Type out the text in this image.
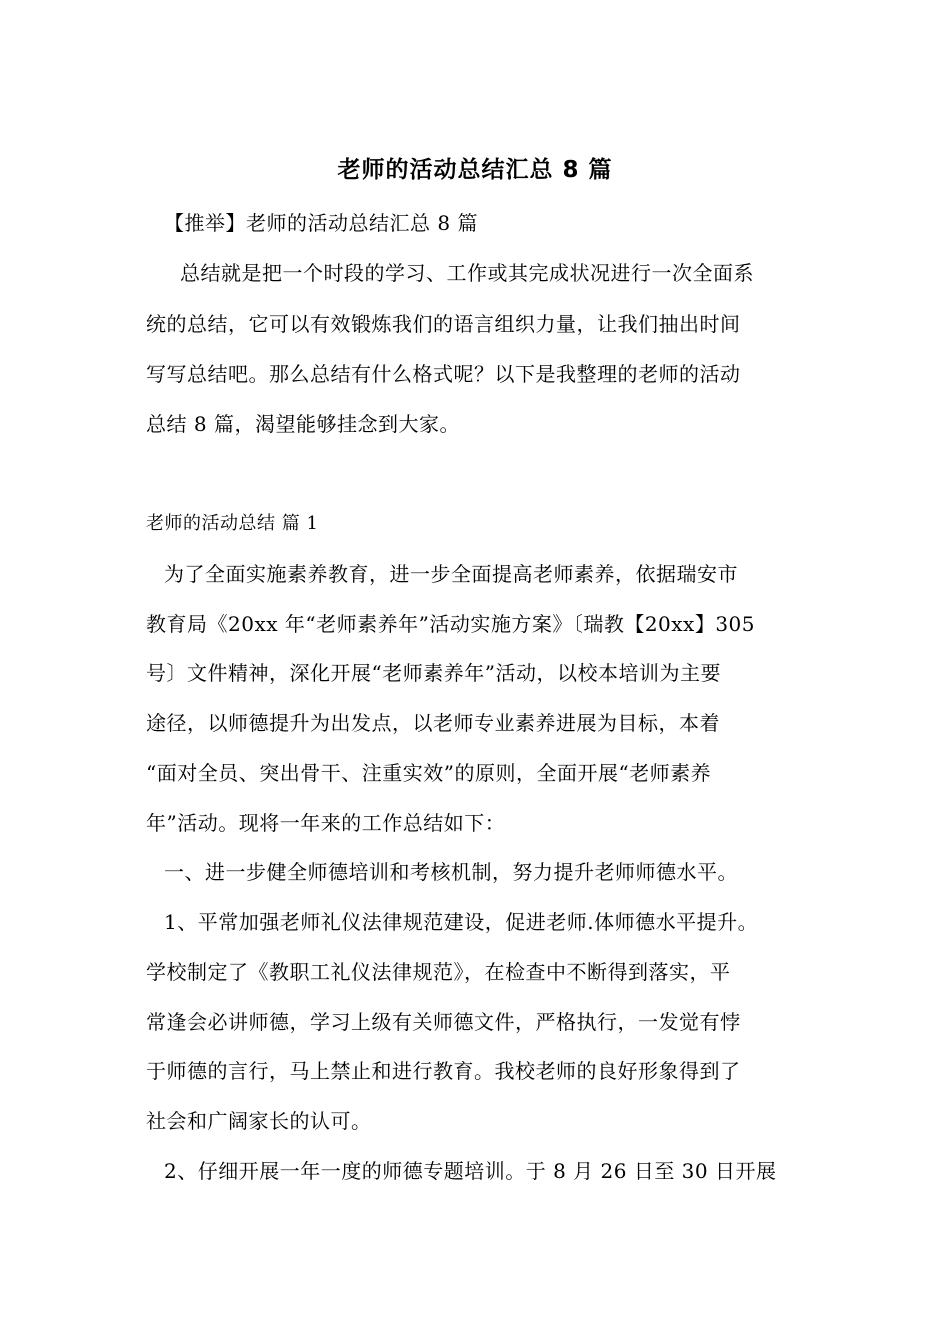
老师的活动总结汇总 8 篇
【推举】老师的活动总结汇总 8 篇
总结就是把一个时段的学习、工作或其完成状况进行一次全面系
统的总结，它可以有效锻炼我们的语言组织力量，让我们抽出时间
写写总结吧。那么总结有什么格式呢？以下是我整理的老师的活动
总结 8 篇，渴望能够挂念到大家。
老师的活动总结 篇 1
为了全面实施素养教育，进一步全面提高老师素养，依据瑞安市
教育局《20xx 年“老师素养年”活动实施方案》〔瑞教【20xx】305
号〕文件精神，深化开展“老师素养年”活动，以校本培训为主要
途径，以师德提升为出发点，以老师专业素养进展为目标，本着
“面对全员、突出骨干、注重实效”的原则，全面开展“老师素养
年”活动。现将一年来的工作总结如下：
一、进一步健全师德培训和考核机制，努力提升老师师德水平。
1、平常加强老师礼仪法律规范建设，促进老师.体师德水平提升。
学校制定了《教职工礼仪法律规范》，在检查中不断得到落实，平
常逢会必讲师德，学习上级有关师德文件，严格执行，一发觉有悖
于师德的言行，马上禁止和进行教育。我校老师的良好形象得到了
社会和广阔家长的认可。
2、仔细开展一年一度的师德专题培训。于 8 月 26 日至 30 日开展
